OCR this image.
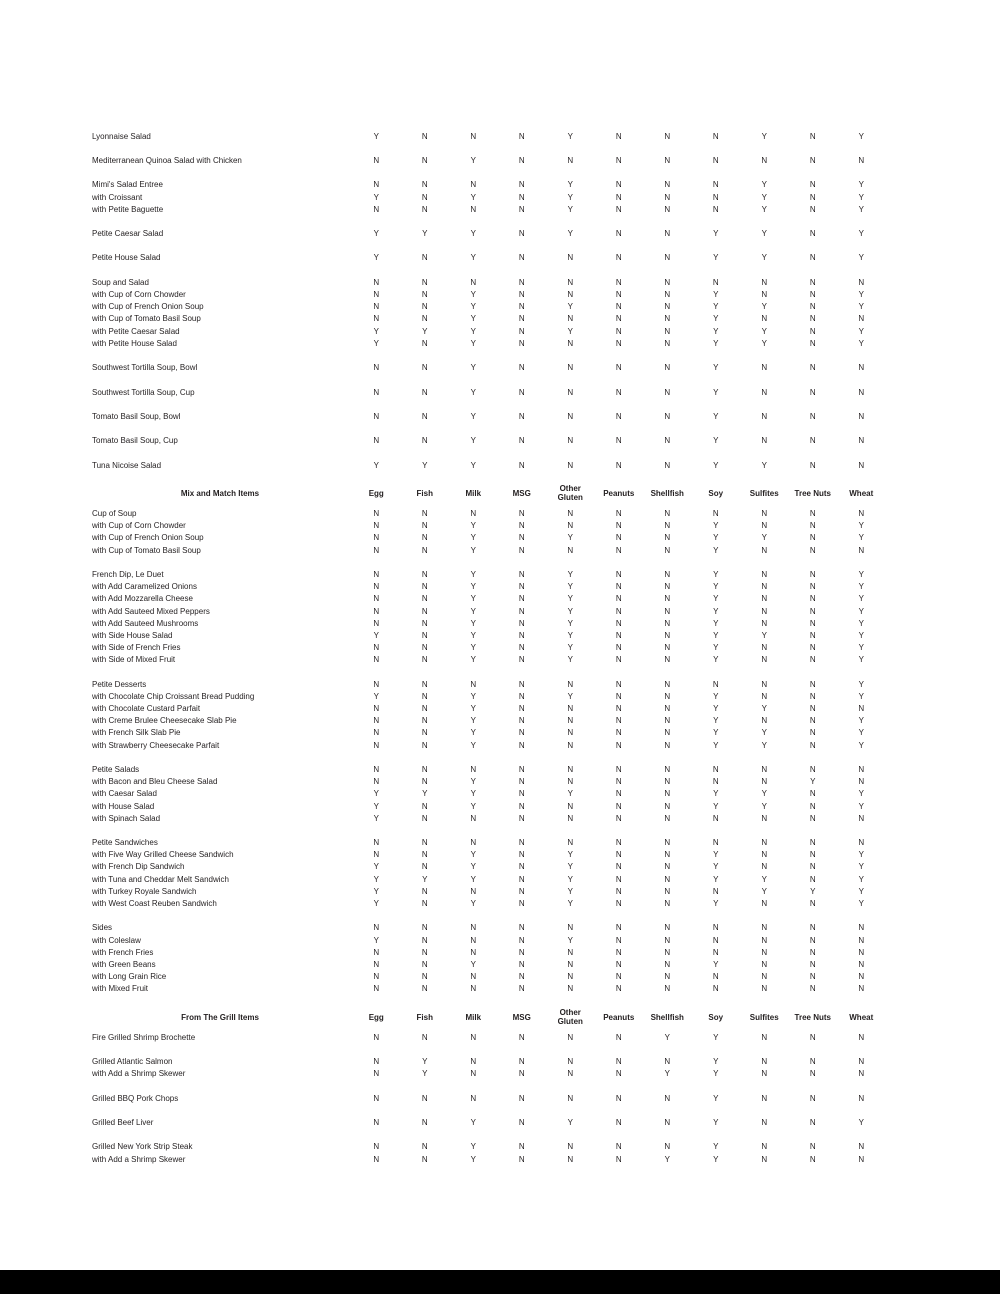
Lyonnaise Salad	Y	N	N	N	Y	N	N	N	Y	N	Y
Mediterranean Quinoa Salad with Chicken	N	N	Y	N	N	N	N	N	N	N	N
Mimi's Salad Entree	N	N	N	N	Y	N	N	N	Y	N	Y
with Croissant	Y	N	Y	N	Y	N	N	N	Y	N	Y
with Petite Baguette	N	N	N	N	Y	N	N	N	Y	N	Y
Petite Caesar Salad	Y	Y	Y	N	Y	N	N	Y	Y	N	Y
Petite House Salad	Y	N	Y	N	N	N	N	Y	Y	N	Y
Soup and Salad	N	N	N	N	N	N	N	N	N	N	N
with Cup of Corn Chowder	N	N	Y	N	N	N	N	Y	N	N	Y
with Cup of French Onion Soup	N	N	Y	N	Y	N	N	Y	Y	N	Y
with Cup of Tomato Basil Soup	N	N	Y	N	N	N	N	Y	N	N	N
with Petite Caesar Salad	Y	Y	Y	N	Y	N	N	Y	Y	N	Y
with Petite House Salad	Y	N	Y	N	N	N	N	Y	Y	N	Y
Southwest Tortilla Soup, Bowl	N	N	Y	N	N	N	N	Y	N	N	N
Southwest Tortilla Soup, Cup	N	N	Y	N	N	N	N	Y	N	N	N
Tomato Basil Soup, Bowl	N	N	Y	N	N	N	N	Y	N	N	N
Tomato Basil Soup, Cup	N	N	Y	N	N	N	N	Y	N	N	N
Tuna Nicoise Salad	Y	Y	Y	N	N	N	N	Y	Y	N	N
Mix and Match Items	Egg	Fish	Milk	MSG	Other Gluten	Peanuts	Shellfish	Soy	Sulfites	Tree Nuts	Wheat
Cup of Soup	N	N	N	N	N	N	N	N	N	N	N
with Cup of Corn Chowder	N	N	Y	N	N	N	N	Y	N	N	Y
with Cup of French Onion Soup	N	N	Y	N	Y	N	N	Y	Y	N	Y
with Cup of Tomato Basil Soup	N	N	Y	N	N	N	N	Y	N	N	N
French Dip, Le Duet	N	N	Y	N	Y	N	N	Y	N	N	Y
with Add Caramelized Onions	N	N	Y	N	Y	N	N	Y	N	N	Y
with Add Mozzarella Cheese	N	N	Y	N	Y	N	N	Y	N	N	Y
with Add Sauteed Mixed Peppers	N	N	Y	N	Y	N	N	Y	N	N	Y
with Add Sauteed Mushrooms	N	N	Y	N	Y	N	N	Y	N	N	Y
with Side House Salad	Y	N	Y	N	Y	N	N	Y	Y	N	Y
with Side of French Fries	N	N	Y	N	Y	N	N	Y	N	N	Y
with Side of Mixed Fruit	N	N	Y	N	Y	N	N	Y	N	N	Y
Petite Desserts	N	N	N	N	N	N	N	N	N	N	Y
with Chocolate Chip Croissant Bread Pudding	Y	N	Y	N	Y	N	N	Y	N	N	Y
with Chocolate Custard Parfait	N	N	Y	N	N	N	N	Y	Y	N	N
with Creme Brulee Cheesecake Slab Pie	N	N	Y	N	N	N	N	Y	N	N	Y
with French Silk Slab Pie	N	N	Y	N	N	N	N	Y	Y	N	Y
with Strawberry Cheesecake Parfait	N	N	Y	N	N	N	N	Y	Y	N	Y
Petite Salads	N	N	N	N	N	N	N	N	N	N	N
with Bacon and Bleu Cheese Salad	N	N	Y	N	N	N	N	N	N	Y	N
with Caesar Salad	Y	Y	Y	N	Y	N	N	Y	Y	N	Y
with House Salad	Y	N	Y	N	N	N	N	Y	Y	N	Y
with Spinach Salad	Y	N	N	N	N	N	N	N	N	N	N
Petite Sandwiches	N	N	N	N	N	N	N	N	N	N	N
with Five Way Grilled Cheese Sandwich	N	N	Y	N	Y	N	N	Y	N	N	Y
with French Dip Sandwich	Y	N	Y	N	Y	N	N	Y	N	N	Y
with Tuna and Cheddar Melt Sandwich	Y	Y	Y	N	Y	N	N	Y	Y	N	Y
with Turkey Royale Sandwich	Y	N	N	N	Y	N	N	N	Y	Y	Y
with West Coast Reuben Sandwich	Y	N	Y	N	Y	N	N	Y	N	N	Y
Sides	N	N	N	N	N	N	N	N	N	N	N
with Coleslaw	Y	N	N	N	Y	N	N	N	N	N	N
with French Fries	N	N	N	N	N	N	N	N	N	N	N
with Green Beans	N	N	Y	N	N	N	N	Y	N	N	N
with Long Grain Rice	N	N	N	N	N	N	N	N	N	N	N
with Mixed Fruit	N	N	N	N	N	N	N	N	N	N	N
From The Grill Items	Egg	Fish	Milk	MSG	Other Gluten	Peanuts	Shellfish	Soy	Sulfites	Tree Nuts	Wheat
Fire Grilled Shrimp Brochette	N	N	N	N	N	N	Y	Y	N	N	N
Grilled Atlantic Salmon	N	Y	N	N	N	N	N	Y	N	N	N
with Add a Shrimp Skewer	N	Y	N	N	N	N	Y	Y	N	N	N
Grilled BBQ Pork Chops	N	N	N	N	N	N	N	Y	N	N	N
Grilled Beef Liver	N	N	Y	N	Y	N	N	Y	N	N	Y
Grilled New York Strip Steak	N	N	Y	N	N	N	N	Y	N	N	N
with Add a Shrimp Skewer	N	N	Y	N	N	N	Y	Y	N	N	N
